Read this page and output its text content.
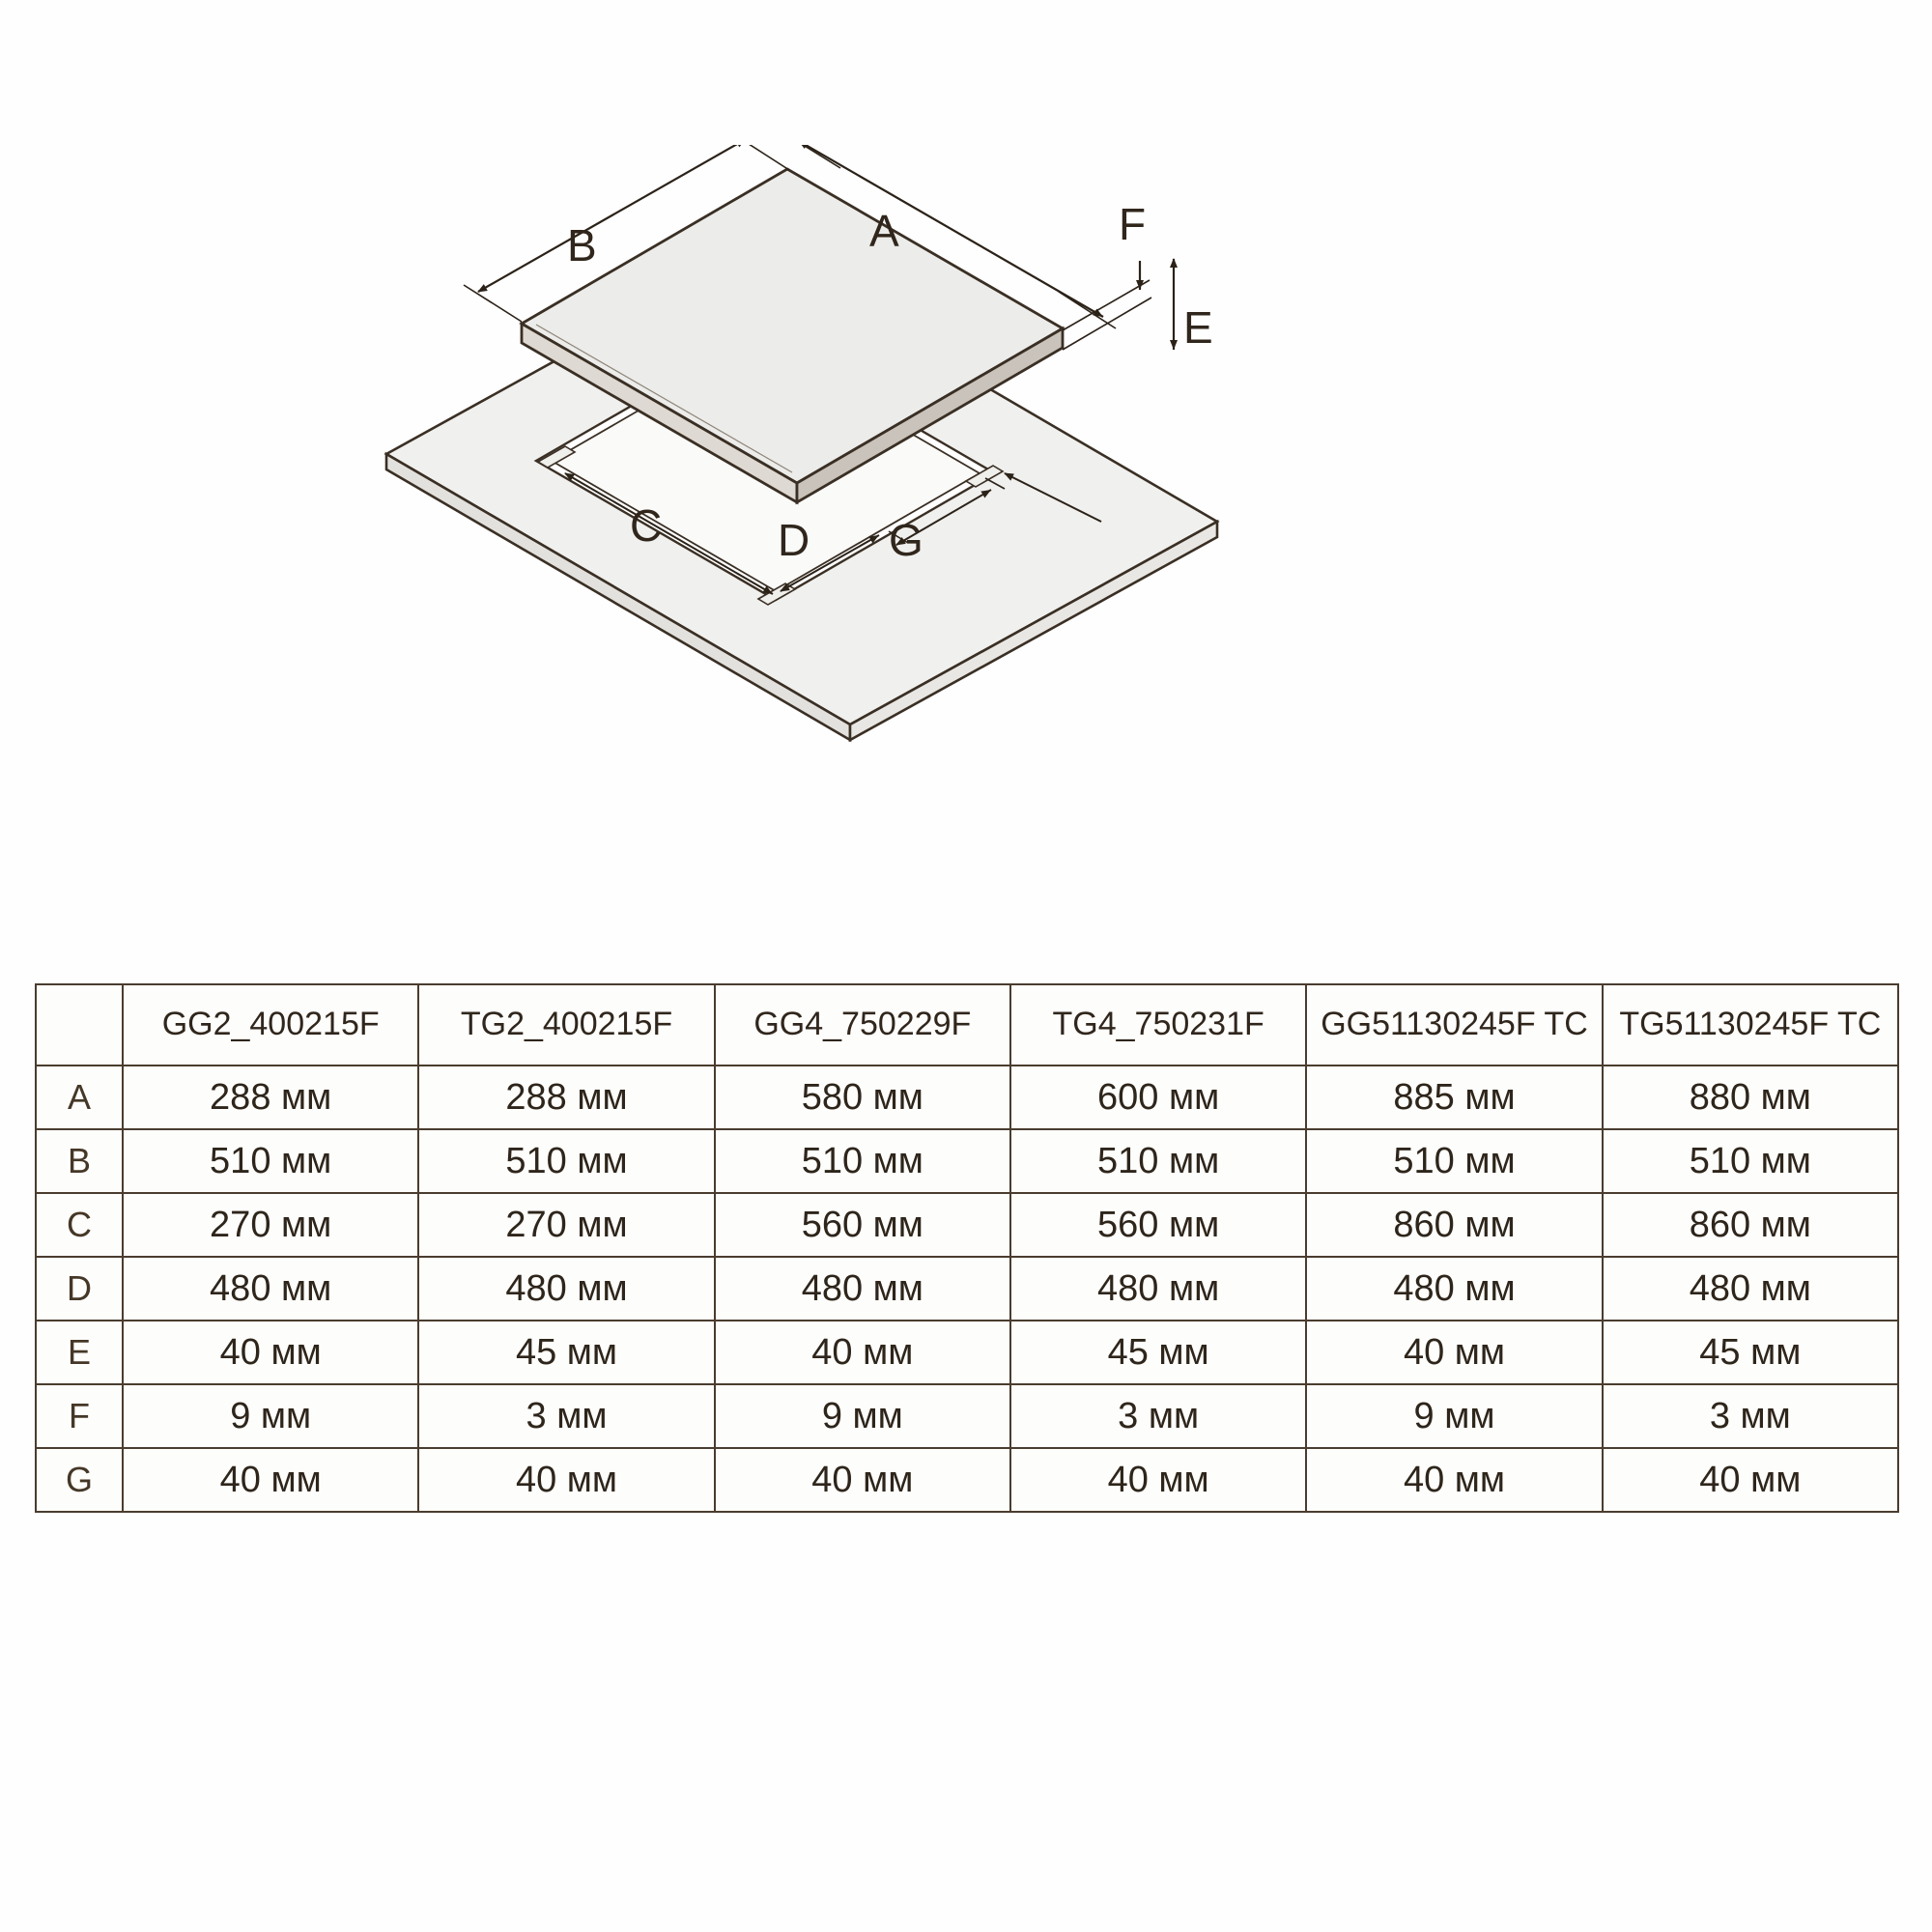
B	A	F
E
C	D G
	GG2_400215F	TG2_400215F	GG4_750229F	TG4_750231F	GG51130245F TC	TG51130245F TC
A	288 мм	288 мм	580 мм	600 мм	885 мм	880 мм
B	510 мм	510 мм	510 мм	510 мм	510 мм	510 мм
C	270 мм	270 мм	560 мм	560 мм	860 мм	860 мм
D	480 мм	480 мм	480 мм	480 мм	480 мм	480 мм
E	40 мм	45 мм	40 мм	45 мм	40 мм	45 мм
F	9 мм	3 мм	9 мм	3 мм	9 мм	3 мм
G	40 мм	40 мм	40 мм	40 мм	40 мм	40 мм
